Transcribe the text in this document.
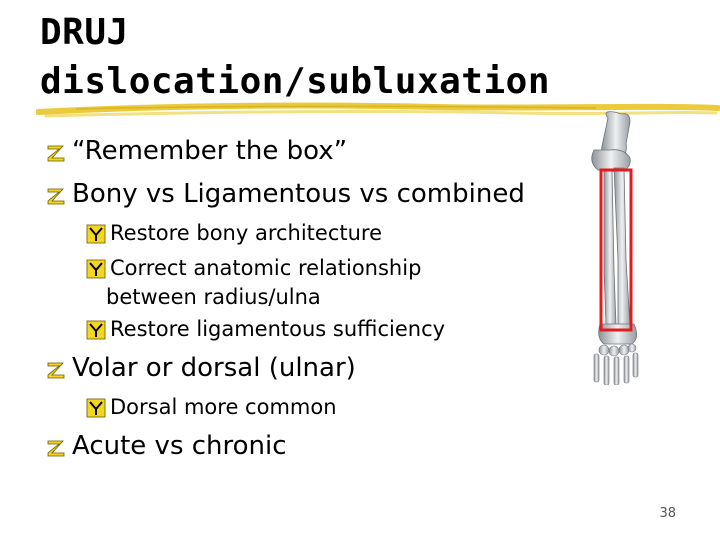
DRUJ
dislocation/subluxation
“Remember the box”
Bony vs Ligamentous vs combined
Restore bony architecture
Correct anatomic relationship
between radius/ulna
Restore ligamentous sufficiency
Volar or dorsal (ulnar)
Dorsal more common
Acute vs chronic
38
